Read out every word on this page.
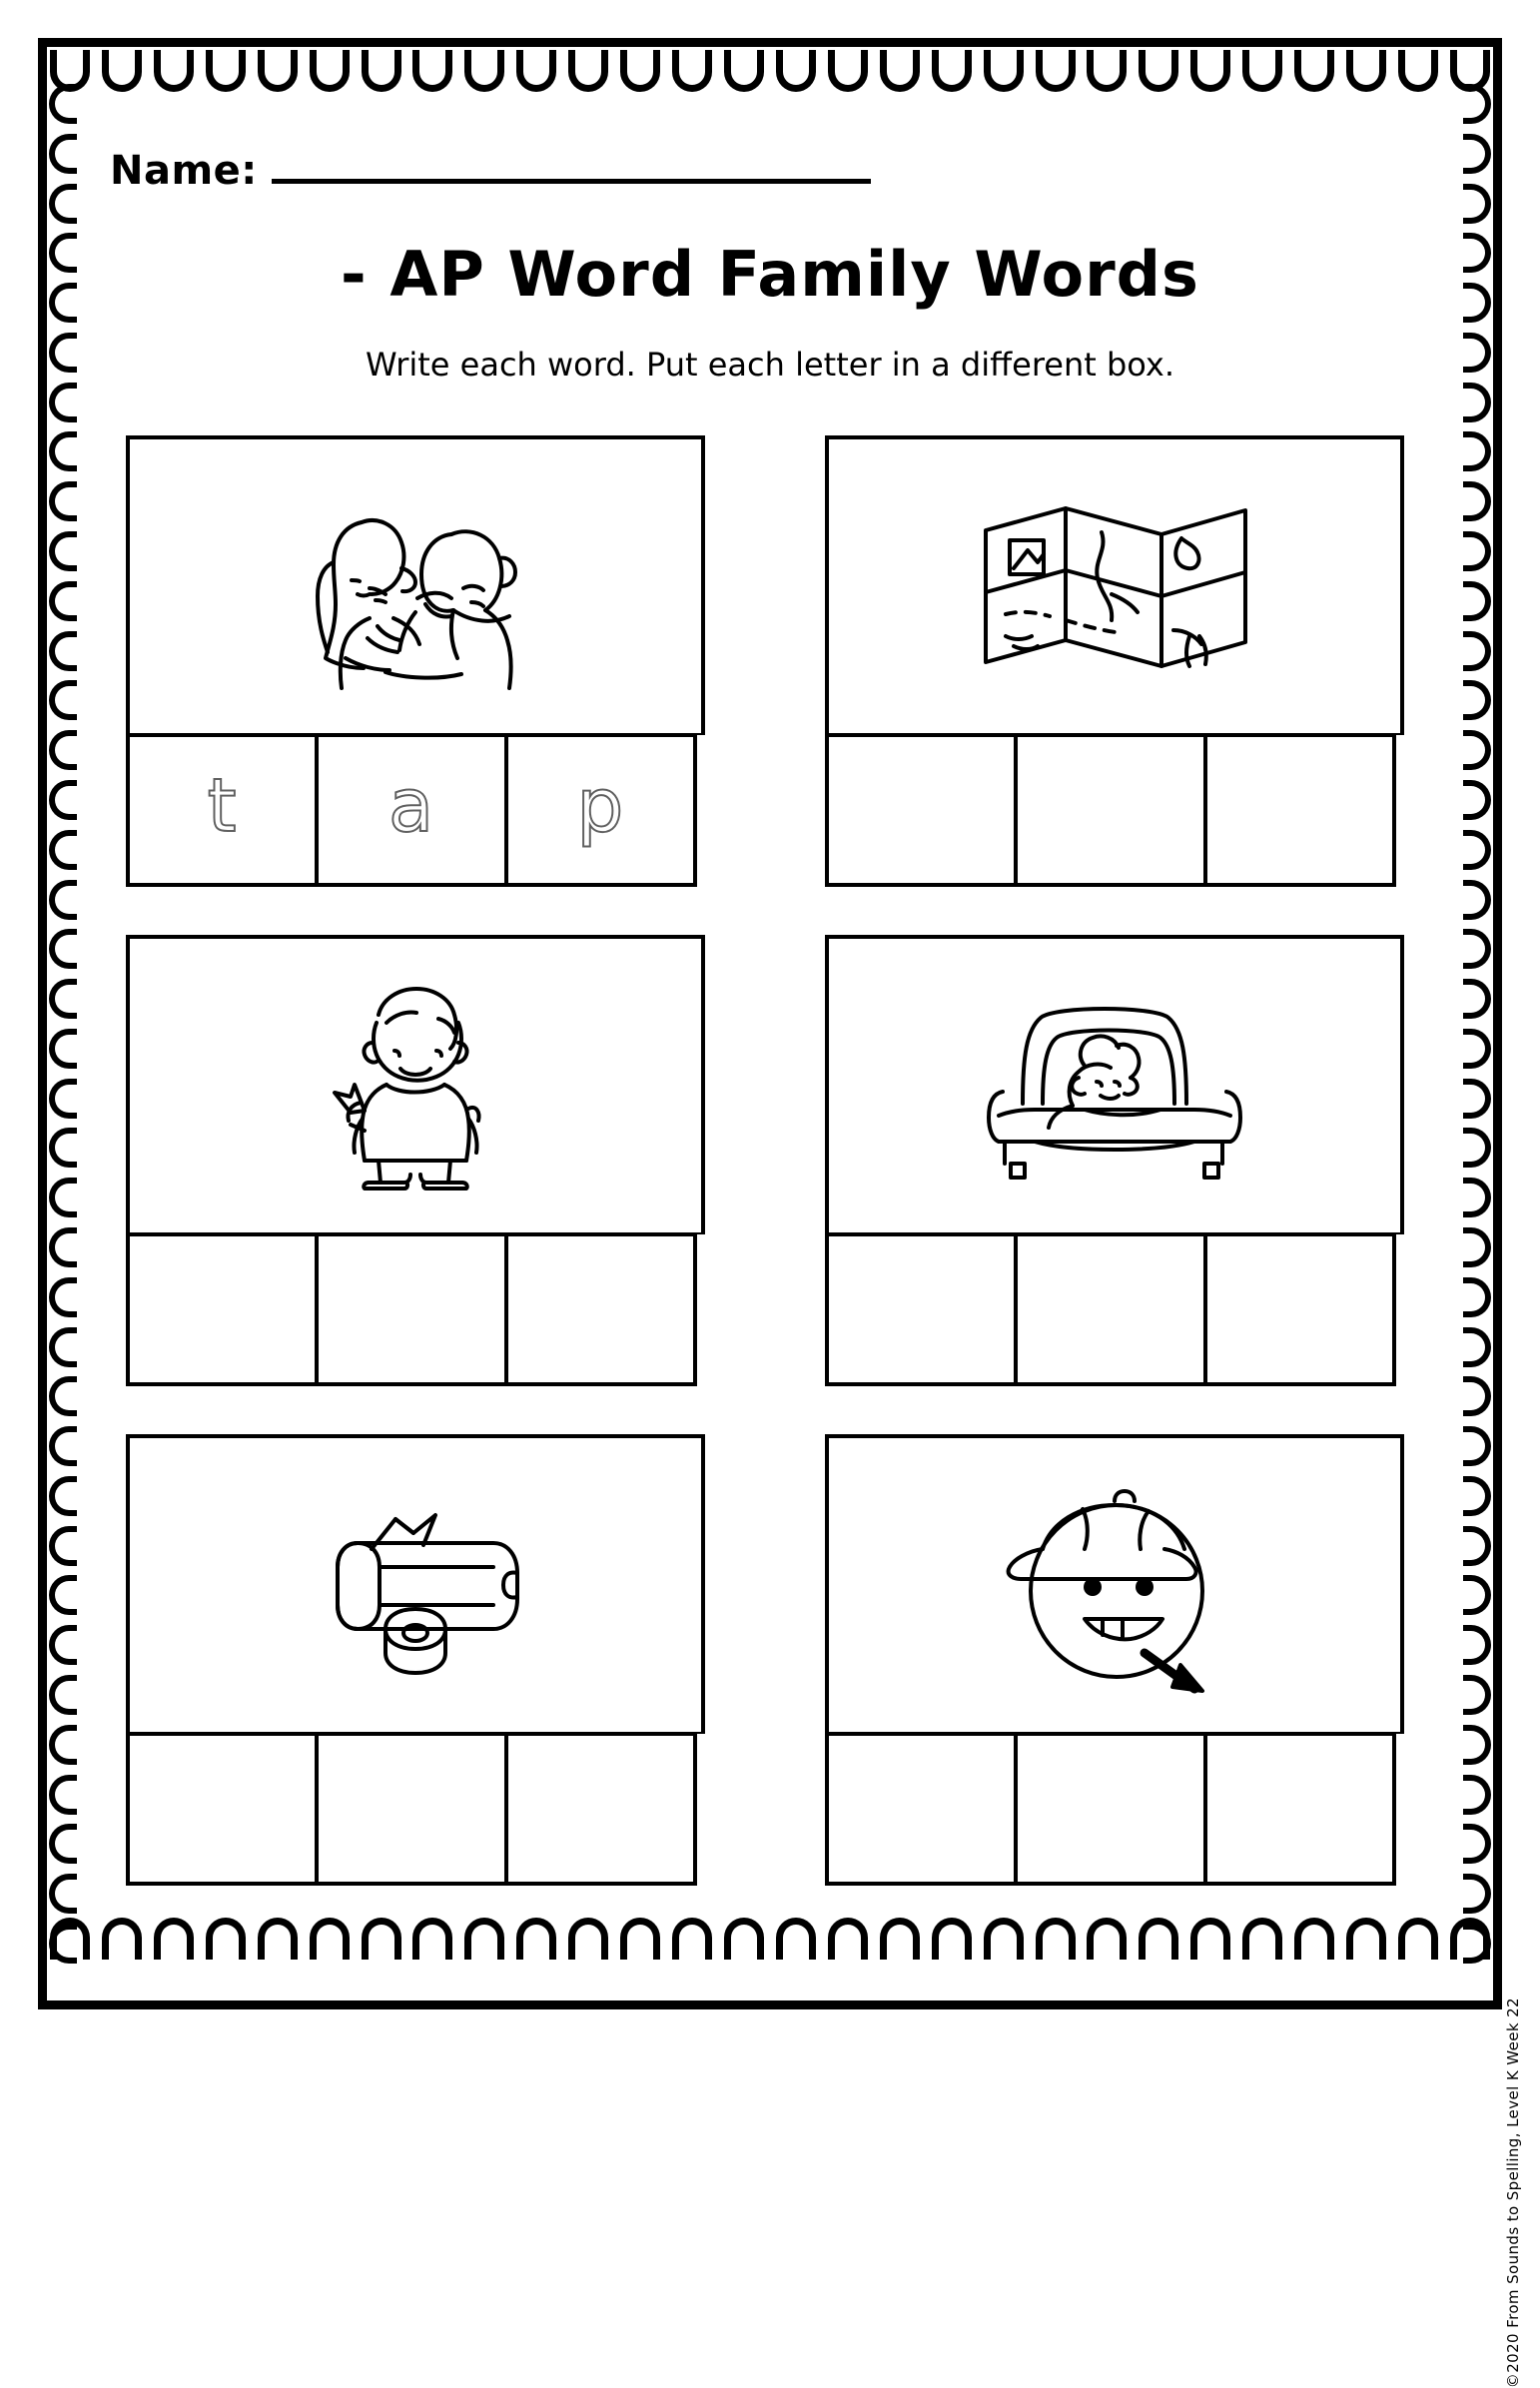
Name:
- AP Word Family Words
Write each word. Put each letter in a different box.
t a p
©2020 From Sounds to Spelling, Level K Week 22
